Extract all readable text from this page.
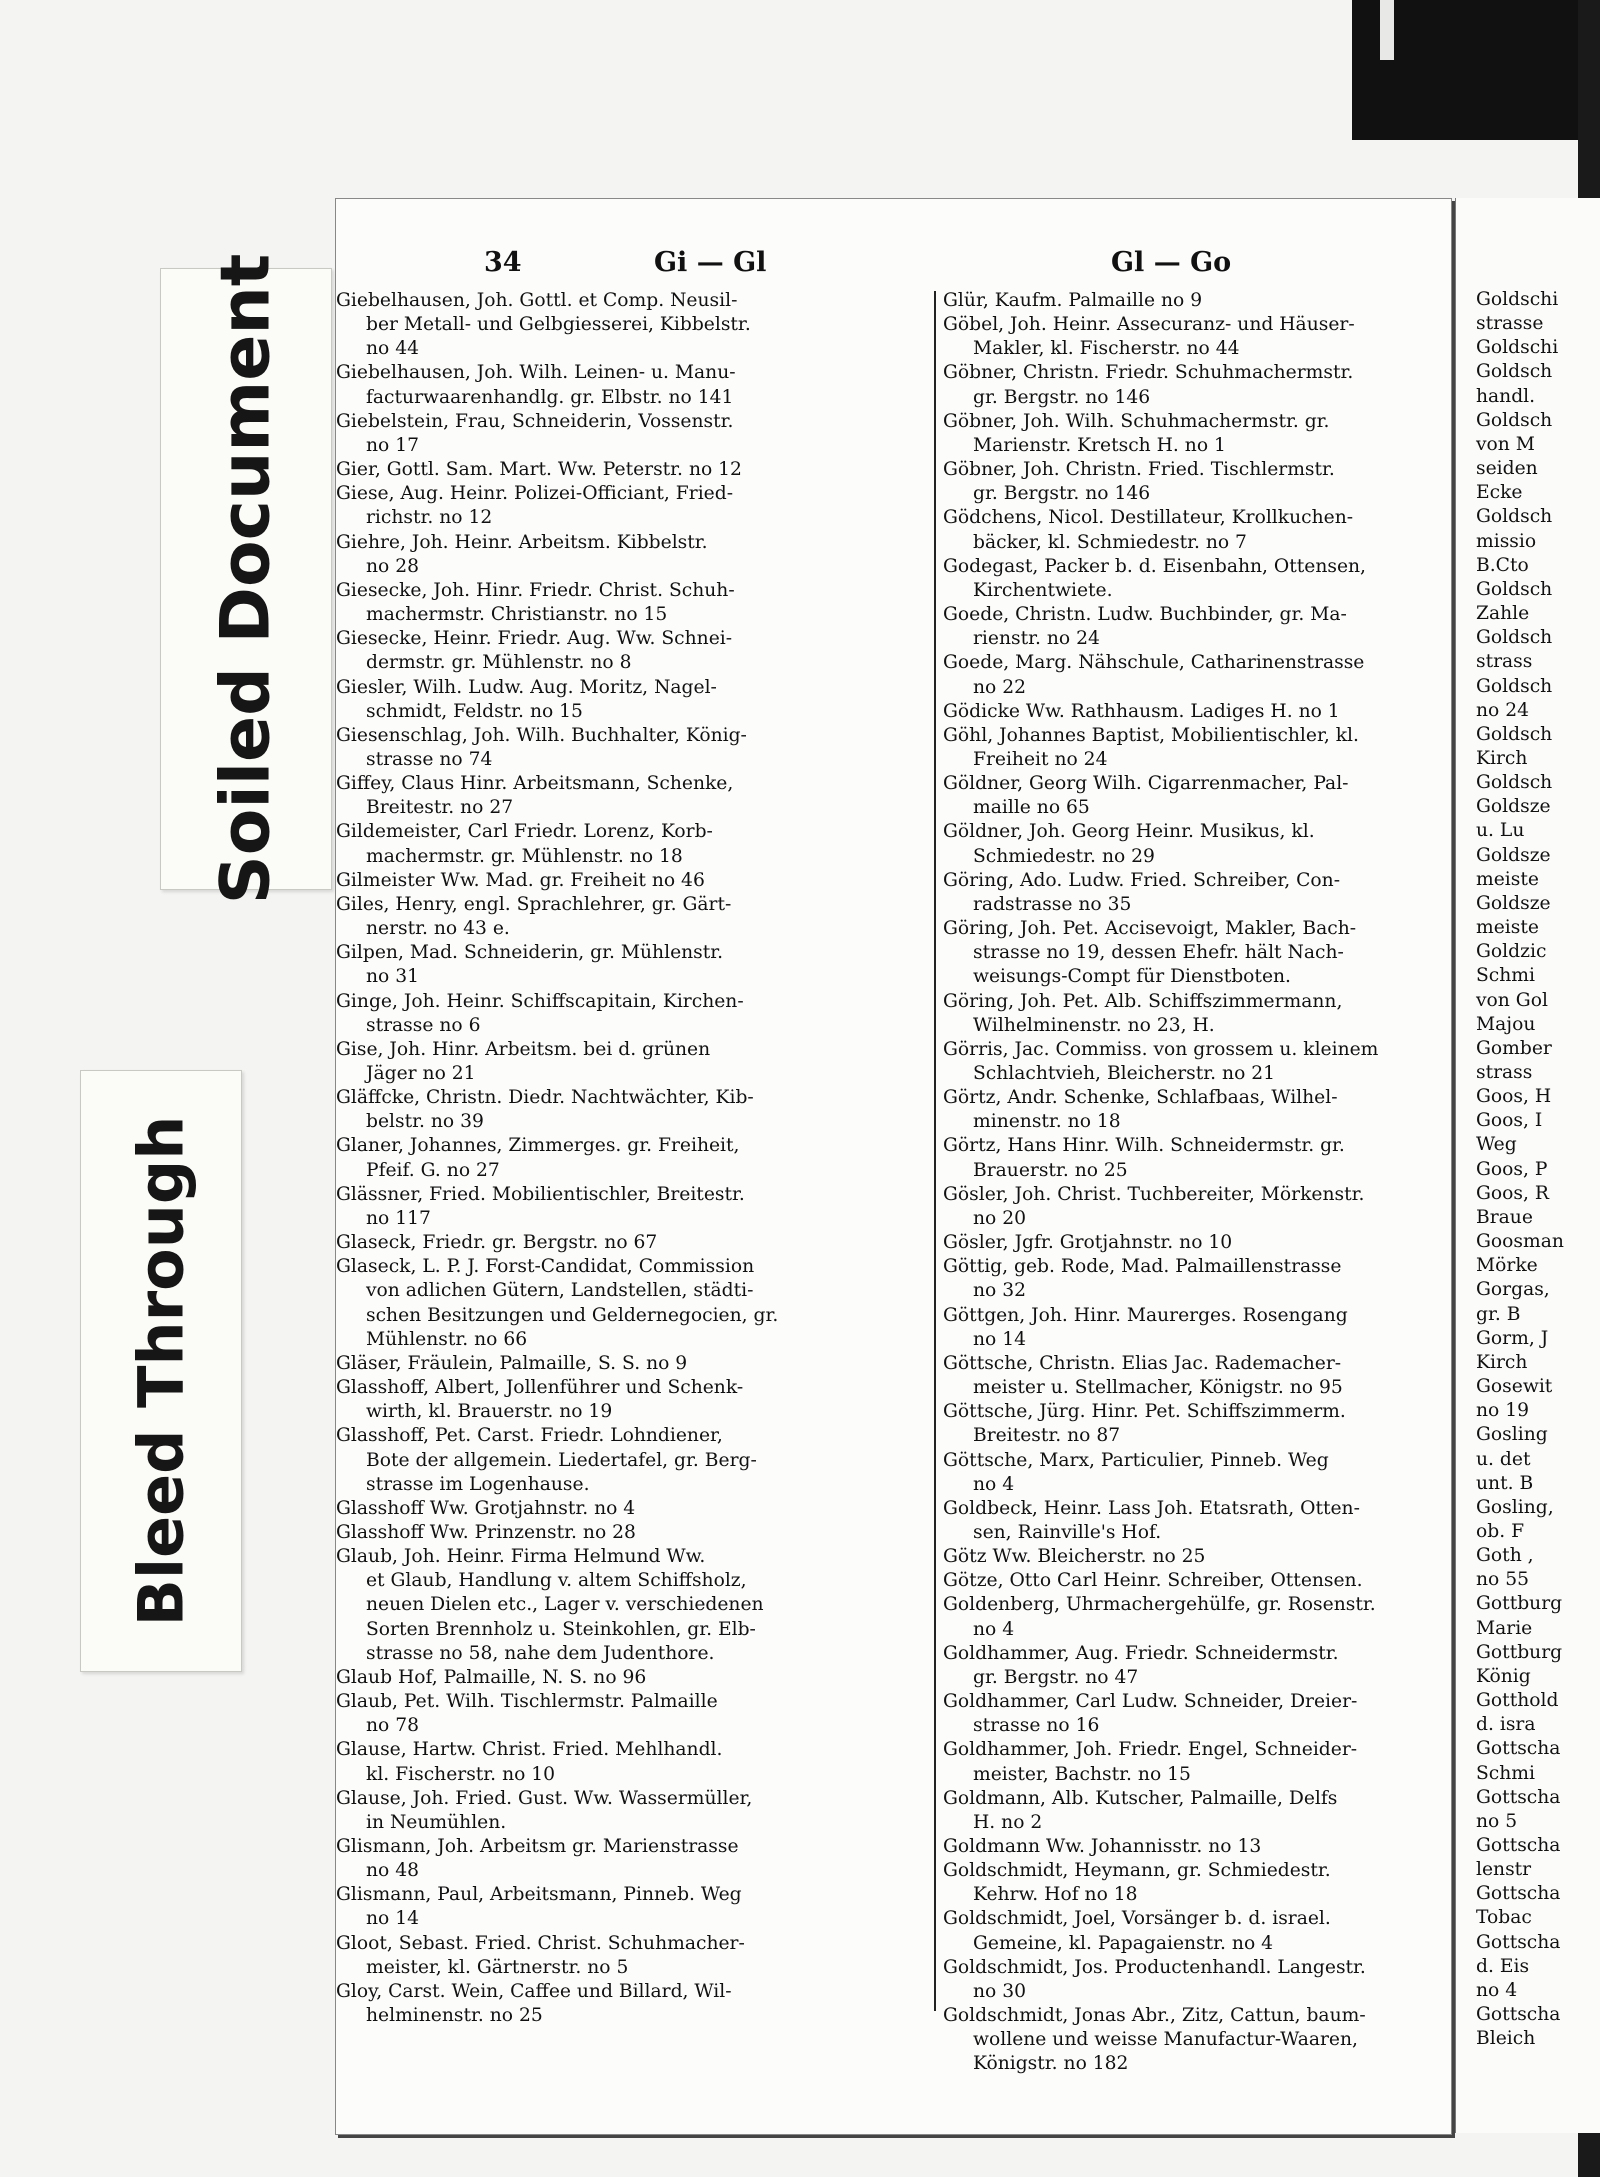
Soiled Document
Bleed Through
34	Gi — Gl	Gl — Go
Giebelhausen, Joh. Gottl. et Comp. Neusil-
ber Metall- und Gelbgiesserei, Kibbelstr.
no 44
Giebelhausen, Joh. Wilh. Leinen- u. Manu-
facturwaarenhandlg. gr. Elbstr. no 141
Giebelstein, Frau, Schneiderin, Vossenstr.
no 17
Gier, Gottl. Sam. Mart. Ww. Peterstr. no 12
Giese, Aug. Heinr. Polizei-Officiant, Fried-
richstr. no 12
Giehre, Joh. Heinr. Arbeitsm. Kibbelstr.
no 28
Giesecke, Joh. Hinr. Friedr. Christ. Schuh-
machermstr. Christianstr. no 15
Giesecke, Heinr. Friedr. Aug. Ww. Schnei-
dermstr. gr. Mühlenstr. no 8
Giesler, Wilh. Ludw. Aug. Moritz, Nagel-
schmidt, Feldstr. no 15
Giesenschlag, Joh. Wilh. Buchhalter, König-
strasse no 74
Giffey, Claus Hinr. Arbeitsmann, Schenke,
Breitestr. no 27
Gildemeister, Carl Friedr. Lorenz, Korb-
machermstr. gr. Mühlenstr. no 18
Gilmeister Ww. Mad. gr. Freiheit no 46
Giles, Henry, engl. Sprachlehrer, gr. Gärt-
nerstr. no 43 e.
Gilpen, Mad. Schneiderin, gr. Mühlenstr.
no 31
Ginge, Joh. Heinr. Schiffscapitain, Kirchen-
strasse no 6
Gise, Joh. Hinr. Arbeitsm. bei d. grünen
Jäger no 21
Gläffcke, Christn. Diedr. Nachtwächter, Kib-
belstr. no 39
Glaner, Johannes, Zimmerges. gr. Freiheit,
Pfeif. G. no 27
Glässner, Fried. Mobilientischler, Breitestr.
no 117
Glaseck, Friedr. gr. Bergstr. no 67
Glaseck, L. P. J. Forst-Candidat, Commission
von adlichen Gütern, Landstellen, städti-
schen Besitzungen und Geldernegocien, gr.
Mühlenstr. no 66
Gläser, Fräulein, Palmaille, S. S. no 9
Glasshoff, Albert, Jollenführer und Schenk-
wirth, kl. Brauerstr. no 19
Glasshoff, Pet. Carst. Friedr. Lohndiener,
Bote der allgemein. Liedertafel, gr. Berg-
strasse im Logenhause.
Glasshoff Ww. Grotjahnstr. no 4
Glasshoff Ww. Prinzenstr. no 28
Glaub, Joh. Heinr. Firma Helmund Ww.
et Glaub, Handlung v. altem Schiffsholz,
neuen Dielen etc., Lager v. verschiedenen
Sorten Brennholz u. Steinkohlen, gr. Elb-
strasse no 58, nahe dem Judenthore.
Glaub Hof, Palmaille, N. S. no 96
Glaub, Pet. Wilh. Tischlermstr. Palmaille
no 78
Glause, Hartw. Christ. Fried. Mehlhandl.
kl. Fischerstr. no 10
Glause, Joh. Fried. Gust. Ww. Wassermüller,
in Neumühlen.
Glismann, Joh. Arbeitsm gr. Marienstrasse
no 48
Glismann, Paul, Arbeitsmann, Pinneb. Weg
no 14
Gloot, Sebast. Fried. Christ. Schuhmacher-
meister, kl. Gärtnerstr. no 5
Gloy, Carst. Wein, Caffee und Billard, Wil-
helminenstr. no 25
Glür, Kaufm. Palmaille no 9
Göbel, Joh. Heinr. Assecuranz- und Häuser-
Makler, kl. Fischerstr. no 44
Göbner, Christn. Friedr. Schuhmachermstr.
gr. Bergstr. no 146
Göbner, Joh. Wilh. Schuhmachermstr. gr.
Marienstr. Kretsch H. no 1
Göbner, Joh. Christn. Fried. Tischlermstr.
gr. Bergstr. no 146
Gödchens, Nicol. Destillateur, Krollkuchen-
bäcker, kl. Schmiedestr. no 7
Godegast, Packer b. d. Eisenbahn, Ottensen,
Kirchentwiete.
Goede, Christn. Ludw. Buchbinder, gr. Ma-
rienstr. no 24
Goede, Marg. Nähschule, Catharinenstrasse
no 22
Gödicke Ww. Rathhausm. Ladiges H. no 1
Göhl, Johannes Baptist, Mobilientischler, kl.
Freiheit no 24
Göldner, Georg Wilh. Cigarrenmacher, Pal-
maille no 65
Göldner, Joh. Georg Heinr. Musikus, kl.
Schmiedestr. no 29
Göring, Ado. Ludw. Fried. Schreiber, Con-
radstrasse no 35
Göring, Joh. Pet. Accisevoigt, Makler, Bach-
strasse no 19, dessen Ehefr. hält Nach-
weisungs-Compt für Dienstboten.
Göring, Joh. Pet. Alb. Schiffszimmermann,
Wilhelminenstr. no 23, H.
Görris, Jac. Commiss. von grossem u. kleinem
Schlachtvieh, Bleicherstr. no 21
Görtz, Andr. Schenke, Schlafbaas, Wilhel-
minenstr. no 18
Görtz, Hans Hinr. Wilh. Schneidermstr. gr.
Brauerstr. no 25
Gösler, Joh. Christ. Tuchbereiter, Mörkenstr.
no 20
Gösler, Jgfr. Grotjahnstr. no 10
Göttig, geb. Rode, Mad. Palmaillenstrasse
no 32
Göttgen, Joh. Hinr. Maurerges. Rosengang
no 14
Göttsche, Christn. Elias Jac. Rademacher-
meister u. Stellmacher, Königstr. no 95
Göttsche, Jürg. Hinr. Pet. Schiffszimmerm.
Breitestr. no 87
Göttsche, Marx, Particulier, Pinneb. Weg
no 4
Goldbeck, Heinr. Lass Joh. Etatsrath, Otten-
sen, Rainville's Hof.
Götz Ww. Bleicherstr. no 25
Götze, Otto Carl Heinr. Schreiber, Ottensen.
Goldenberg, Uhrmachergehülfe, gr. Rosenstr.
no 4
Goldhammer, Aug. Friedr. Schneidermstr.
gr. Bergstr. no 47
Goldhammer, Carl Ludw. Schneider, Dreier-
strasse no 16
Goldhammer, Joh. Friedr. Engel, Schneider-
meister, Bachstr. no 15
Goldmann, Alb. Kutscher, Palmaille, Delfs
H. no 2
Goldmann Ww. Johannisstr. no 13
Goldschmidt, Heymann, gr. Schmiedestr.
Kehrw. Hof no 18
Goldschmidt, Joel, Vorsänger b. d. israel.
Gemeine, kl. Papagaienstr. no 4
Goldschmidt, Jos. Productenhandl. Langestr.
no 30
Goldschmidt, Jonas Abr., Zitz, Cattun, baum-
wollene und weisse Manufactur-Waaren,
Königstr. no 182
Goldschi
strasse
Goldschi
Goldsch
handl.
Goldsch
von M
seiden
Ecke
Goldsch
missio
B.Cto
Goldsch
Zahle
Goldsch
strass
Goldsch
no 24
Goldsch
Kirch
Goldsch
Goldsze
u. Lu
Goldsze
meiste
Goldsze
meiste
Goldzic
Schmi
von Gol
Majou
Gomber
strass
Goos, H
Goos, I
Weg
Goos, P
Goos, R
Braue
Goosman
Mörke
Gorgas,
gr. B
Gorm, J
Kirch
Gosewit
no 19
Gosling
u. det
unt. B
Gosling,
ob. F
Goth ,
no 55
Gottburg
Marie
Gottburg
König
Gotthold
d. isra
Gottscha
Schmi
Gottscha
no 5
Gottscha
lenstr
Gottscha
Tobac
Gottscha
d. Eis
no 4
Gottscha
Bleich
